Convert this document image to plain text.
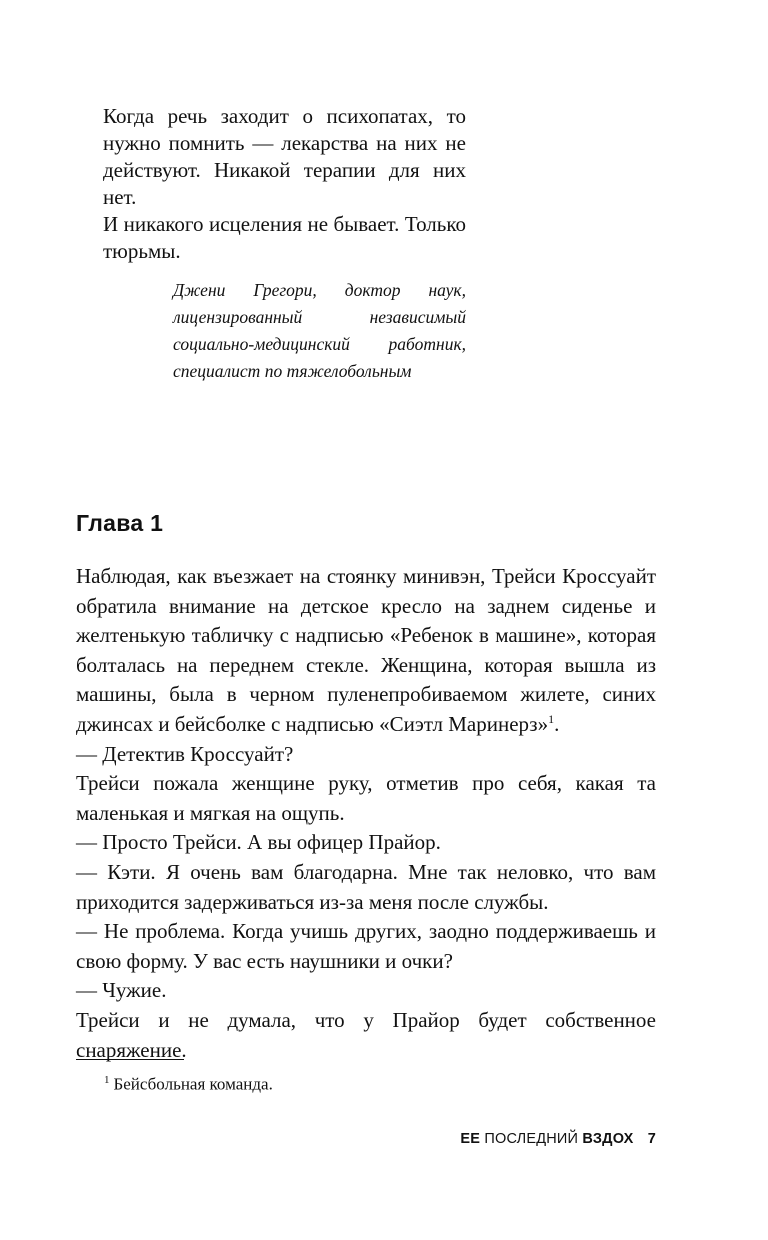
Когда речь заходит о психопатах, то
нужно помнить — лекарства на них не
действуют. Никакой терапии для них нет.
И никакого исцеления не бывает. Только
тюрьмы.

Джени Грегори, доктор наук, лицензированный независимый социально-медицинский работник, специалист по тяжелобольным

Глава 1

Наблюдая, как въезжает на стоянку минивэн, Трейси Кроссуайт обратила внимание на детское кресло на заднем сиденье и желтенькую табличку с надписью «Ребенок в машине», которая болталась на переднем стекле. Женщина, которая вышла из машины, была в черном пуленепробиваемом жилете, синих джинсах и бейсболке с надписью «Сиэтл Маринерз»$^1$.

— Детектив Кроссуайт?

Трейси пожала женщине руку, отметив про себя, какая та маленькая и мягкая на ощупь.

— Просто Трейси. А вы офицер Прайор.

— Кэти. Я очень вам благодарна. Мне так неловко, что вам приходится задерживаться из-за меня после службы.

— Не проблема. Когда учишь других, заодно поддерживаешь и свою форму. У вас есть наушники и очки?

— Чужие.

Трейси и не думала, что у Прайор будет собственное снаряжение.

$^1$ Бейсбольная команда.

ЕЕ ПОСЛЕДНИЙ ВЗДОХ 7
